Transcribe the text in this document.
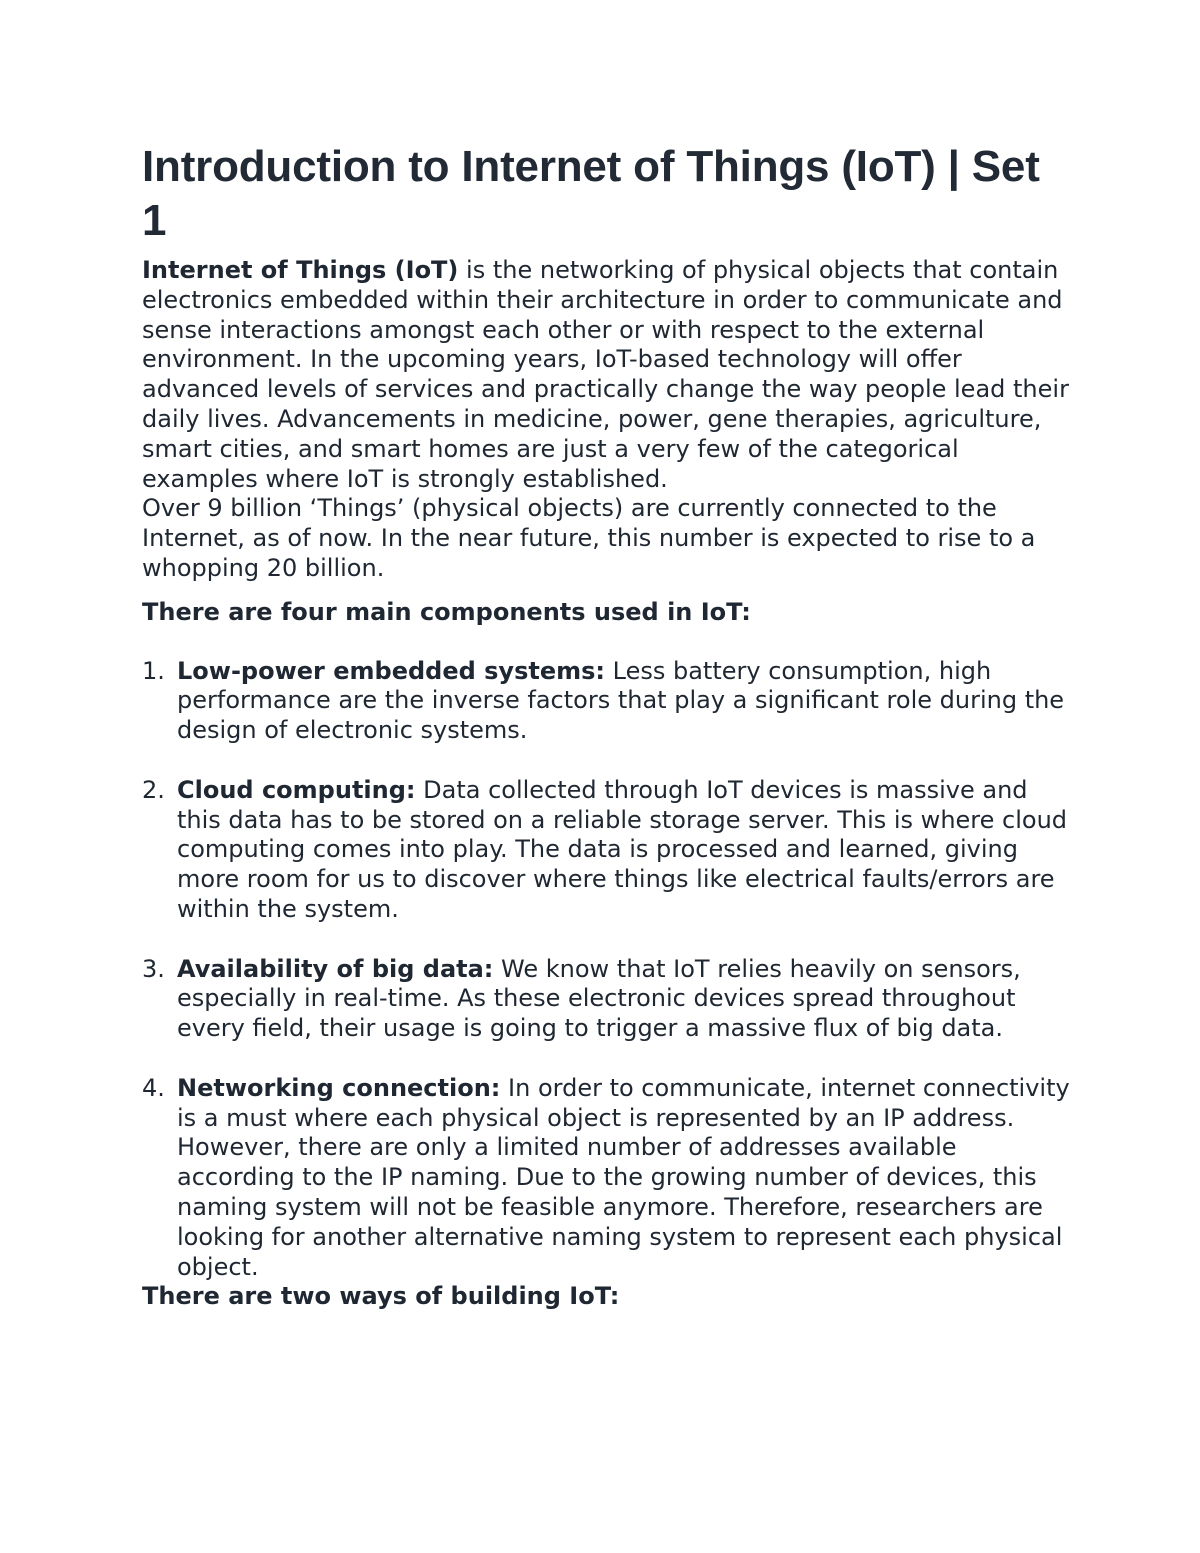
Introduction to Internet of Things (IoT) | Set 1

Internet of Things (IoT) is the networking of physical objects that contain electronics embedded within their architecture in order to communicate and sense interactions amongst each other or with respect to the external environment. In the upcoming years, IoT-based technology will offer advanced levels of services and practically change the way people lead their daily lives. Advancements in medicine, power, gene therapies, agriculture, smart cities, and smart homes are just a very few of the categorical examples where IoT is strongly established.

Over 9 billion ‘Things’ (physical objects) are currently connected to the Internet, as of now. In the near future, this number is expected to rise to a whopping 20 billion.

There are four main components used in IoT:

1. Low-power embedded systems: Less battery consumption, high performance are the inverse factors that play a significant role during the design of electronic systems.
2. Cloud computing: Data collected through IoT devices is massive and this data has to be stored on a reliable storage server. This is where cloud computing comes into play. The data is processed and learned, giving more room for us to discover where things like electrical faults/errors are within the system.
3. Availability of big data: We know that IoT relies heavily on sensors, especially in real-time. As these electronic devices spread throughout every field, their usage is going to trigger a massive flux of big data.
4. Networking connection: In order to communicate, internet connectivity is a must where each physical object is represented by an IP address. However, there are only a limited number of addresses available according to the IP naming. Due to the growing number of devices, this naming system will not be feasible anymore. Therefore, researchers are looking for another alternative naming system to represent each physical object.

There are two ways of building IoT:
